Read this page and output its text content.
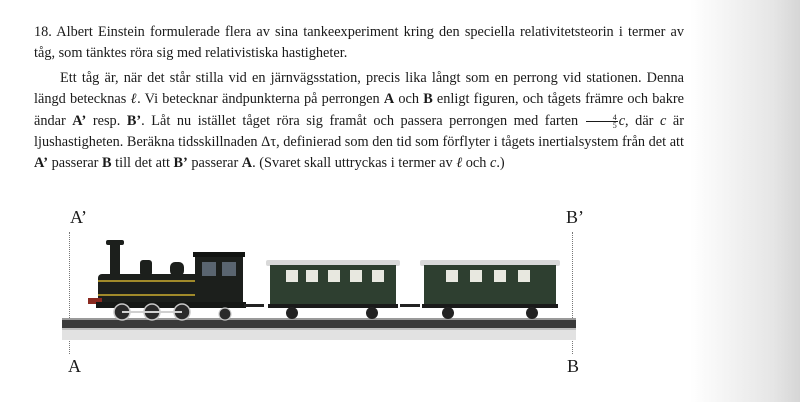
18. Albert Einstein formulerade flera av sina tankeexperiment kring den speciella relativitetsteorin i termer av tåg, som tänktes röra sig med relativistiska hastigheter.

Ett tåg är, när det står stilla vid en järnvägsstation, precis lika långt som en perrong vid stationen. Denna längd betecknas ℓ. Vi betecknar ändpunkterna på perrongen A och B enligt figuren, och tågets främre och bakre ändar A’ resp. B’. Låt nu istället tåget röra sig framåt och passera perrongen med farten $\frac{4}{5} c$, där c är ljushastigheten. Beräkna tidsskillnaden Δτ, definierad som den tid som förflyter i tågets inertialsystem från det att A’ passerar B till det att B’ passerar A. (Svaret skall uttryckas i termer av ℓ och c.)

A’	B’
A	B
